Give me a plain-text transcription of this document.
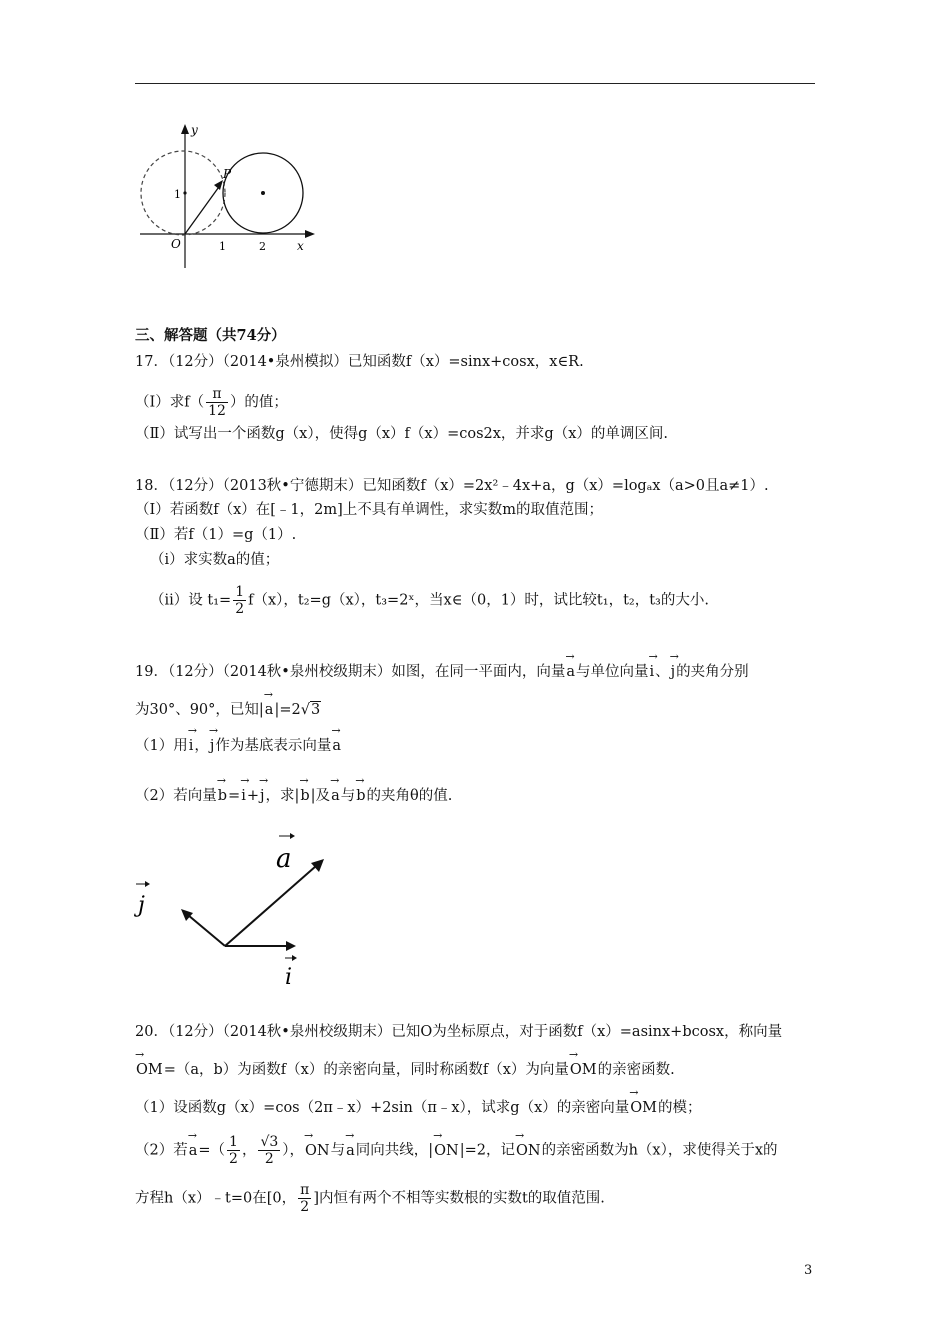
y
x
O
P
1
1	2
三、解答题（共74分）
17．（12分）（2014•泉州模拟）已知函数f（x）=sinx+cosx，x∈R.
（Ⅰ）求$f( \frac{\pi}{12}$ ）的值；
（Ⅱ）试写出一个函数g（x），使得g（x）f（x）=cos2x，并求g（x）的单调区间.
18．（12分）（2013秋•宁德期末）已知函数f（x）=2x²﹣4x+a，g（x）=logₐx（a>0且a≠1）.
（Ⅰ）若函数f（x）在[﹣1，2m]上不具有单调性，求实数m的取值范围；
（Ⅱ）若f（1）=g（1）.
（ⅰ）求实数a的值；
（ⅱ）设 $t_1= \frac{1}{2} f(x)$，t₂=g（x），t₃=2ˣ，当x∈（0，1）时，试比较t₁，t₂，t₃的大小.
19．（12分）（2014秋•泉州校级期末）如图，在同一平面内，向量→ a与单位向量→ i、→ j的夹角分别
为30°、90°，已知|→ a|=2√3
（1）用→ i，→ j作为基底表示向量→ a
（2）若向量→ b=→ i+→ j，求|→ b|及→ a与→ b的夹角θ的值.
a
j
i
20．（12分）（2014秋•泉州校级期末）已知O为坐标原点，对于函数f（x）=asinx+bcosx，称向量
→ OM=（a，b）为函数f（x）的亲密向量，同时称函数f（x）为向量→ OM的亲密函数.
（1）设函数g（x）=cos（2π﹣x）+2sin（π﹣x），试求g（x）的亲密向量→ OM的模；
（2）若→ $a=( \frac{1}{2}$ ， $\frac{√3}{2}$ ），→ ON与→ a同向共线，|→ ON|=2，记→ ON的亲密函数为h（x），求使得关于x的
方程h（x）﹣t=0在[0， $\frac{\pi}{2}$ ]内恒有两个不相等实数根的实数t的取值范围.
3
